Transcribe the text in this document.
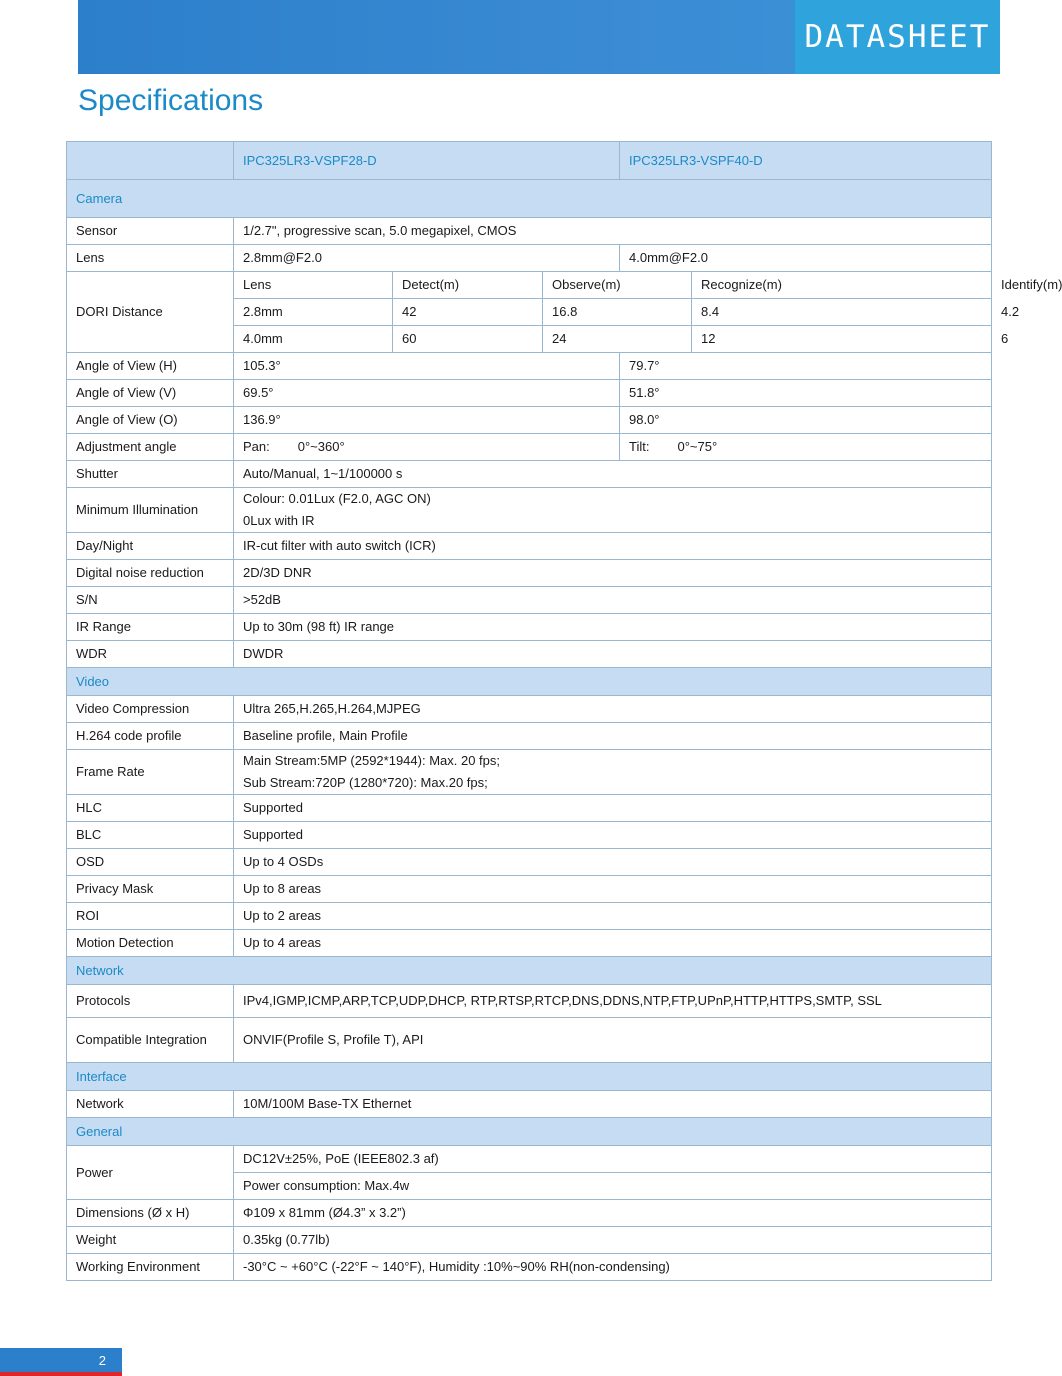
DATASHEET
Specifications
	IPC325LR3-VSPF28-D			IPC325LR3-VSPF40-D		
Camera						
Sensor	1/2.7", progressive scan, 5.0 megapixel, CMOS					
Lens	2.8mm@F2.0			4.0mm@F2.0		
DORI Distance	Lens	Detect(m)	Observe(m)		Recognize(m)	Identify(m)
	2.8mm	42	16.8		8.4	4.2
	4.0mm	60	24		12	6
Angle of View (H)	105.3°			79.7°		
Angle of View (V)	69.5°			51.8°		
Angle of View (O)	136.9°			98.0°		
Adjustment angle	Pan: 0°~360°			Tilt: 0°~75°		
Shutter	Auto/Manual, 1~1/100000 s					
Minimum Illumination	Colour: 0.01Lux (F2.0, AGC ON)
0Lux with IR					

Day/Night	IR-cut filter with auto switch (ICR)					
Digital noise reduction	2D/3D DNR					
S/N	>52dB					
IR Range	Up to 30m (98 ft) IR range					
WDR	DWDR					
Video						
Video Compression	Ultra 265,H.265,H.264,MJPEG					
H.264 code profile	Baseline profile, Main Profile					
Frame Rate	Main Stream:5MP (2592*1944): Max. 20 fps;
Sub Stream:720P (1280*720): Max.20 fps;					

HLC	Supported					
BLC	Supported					
OSD	Up to 4 OSDs					
Privacy Mask	Up to 8 areas					
ROI	Up to 2 areas					
Motion Detection	Up to 4 areas					
Network						
Protocols	IPv4,IGMP,ICMP,ARP,TCP,UDP,DHCP, RTP,RTSP,RTCP,DNS,DDNS,NTP,FTP,UPnP,HTTP,HTTPS,SMTP, SSL					
Compatible Integration	ONVIF(Profile S, Profile T), API					
Interface						
Network	10M/100M Base-TX Ethernet					
General						
Power	DC12V±25%, PoE (IEEE802.3 af)					
	Power consumption: Max.4w					
Dimensions (Ø x H)	Φ109 x 81mm (Ø4.3” x 3.2”)					
Weight	0.35kg (0.77lb)					
Working Environment	-30°C ~ +60°C (-22°F ~ 140°F), Humidity :10%~90% RH(non-condensing)					
2
